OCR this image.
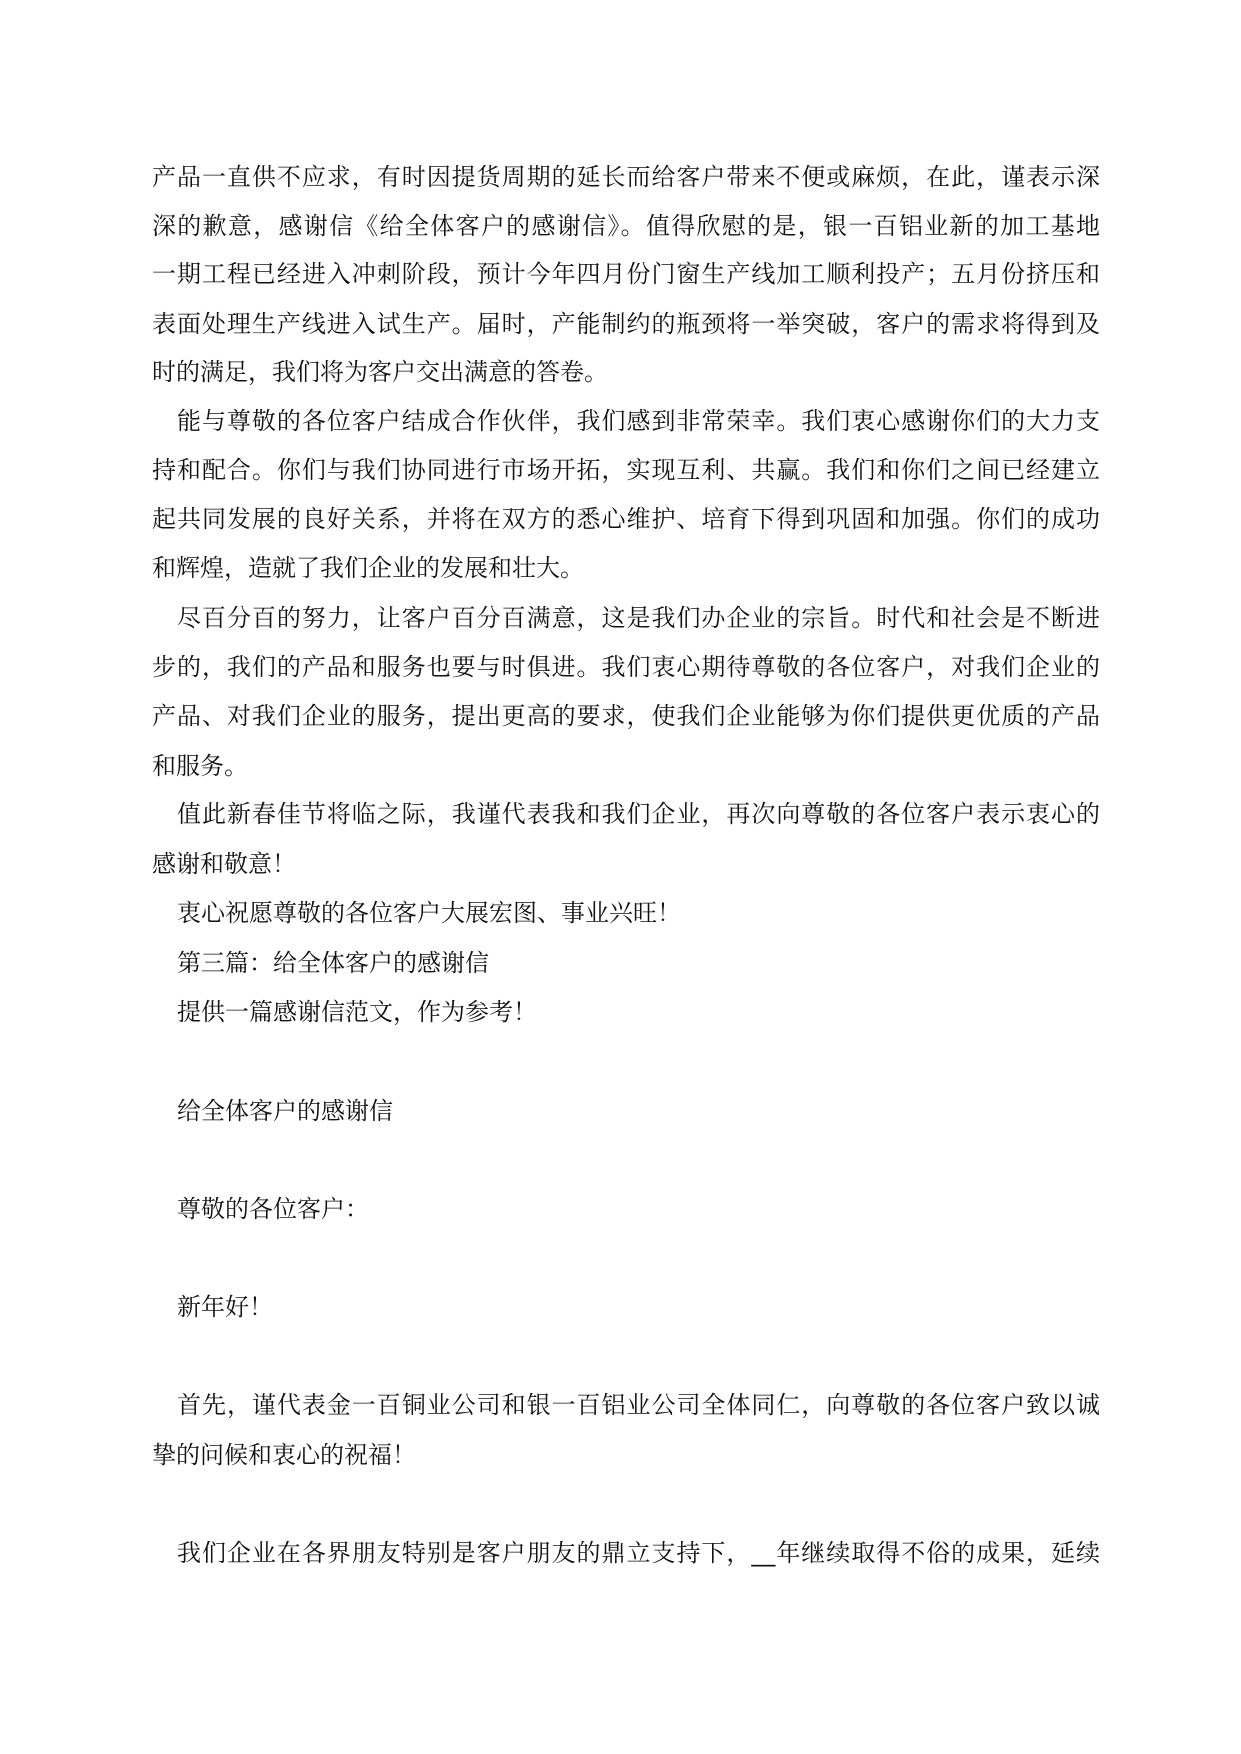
产品一直供不应求，有时因提货周期的延长而给客户带来不便或麻烦，在此，谨表示深
深的歉意，感谢信《给全体客户的感谢信》。值得欣慰的是，银一百铝业新的加工基地
一期工程已经进入冲刺阶段，预计今年四月份门窗生产线加工顺利投产；五月份挤压和
表面处理生产线进入试生产。届时，产能制约的瓶颈将一举突破，客户的需求将得到及
时的满足，我们将为客户交出满意的答卷。
能与尊敬的各位客户结成合作伙伴，我们感到非常荣幸。我们衷心感谢你们的大力支
持和配合。你们与我们协同进行市场开拓，实现互利、共赢。我们和你们之间已经建立
起共同发展的良好关系，并将在双方的悉心维护、培育下得到巩固和加强。你们的成功
和辉煌，造就了我们企业的发展和壮大。
尽百分百的努力，让客户百分百满意，这是我们办企业的宗旨。时代和社会是不断进
步的，我们的产品和服务也要与时俱进。我们衷心期待尊敬的各位客户，对我们企业的
产品、对我们企业的服务，提出更高的要求，使我们企业能够为你们提供更优质的产品
和服务。
值此新春佳节将临之际，我谨代表我和我们企业，再次向尊敬的各位客户表示衷心的
感谢和敬意！
衷心祝愿尊敬的各位客户大展宏图、事业兴旺！
第三篇：给全体客户的感谢信
提供一篇感谢信范文，作为参考！
给全体客户的感谢信
尊敬的各位客户：
新年好！
首先，谨代表金一百铜业公司和银一百铝业公司全体同仁，向尊敬的各位客户致以诚
挚的问候和衷心的祝福！
我们企业在各界朋友特别是客户朋友的鼎立支持下，__年继续取得不俗的成果，延续
